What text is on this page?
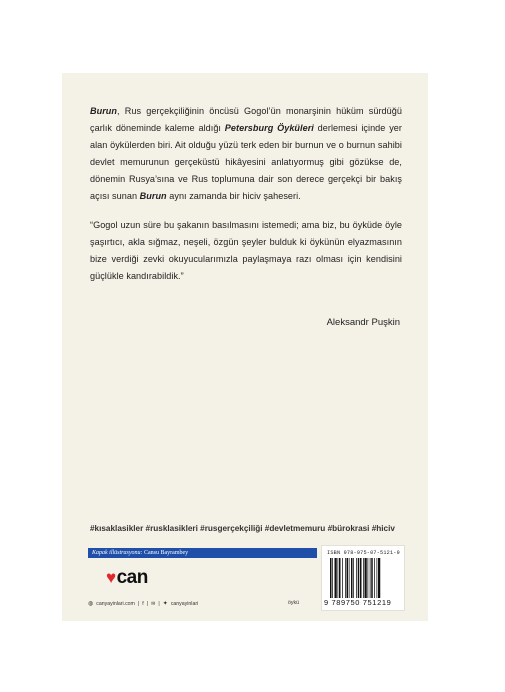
Burun, Rus gerçekçiliğinin öncüsü Gogol’ün monarşinin hüküm sürdüğü çarlık döneminde kaleme aldığı Petersburg Öyküleri derlemesi içinde yer alan öykülerden biri. Ait olduğu yüzü terk eden bir burnun ve o burnun sahibi devlet memurunun gerçeküstü hikâyesini anlatıyormuş gibi gözükse de, dönemin Rusya’sına ve Rus toplumuna dair son derece gerçekçi bir bakış açısı sunan Burun aynı zamanda bir hiciv şaheseri.

“Gogol uzun süre bu şakanın basılmasını istemedi; ama biz, bu öyküde öyle şaşırtıcı, akla sığmaz, neşeli, özgün şeyler bulduk ki öykünün elyazmasının bize verdiği zevki okuyucularımızla paylaşmaya razı olması için kendisini güçlükle kandırabildik.”

Aleksandr Puşkin
#kısaklasikler #rusklasikleri #rusgerçekçiliği #devletmemuru #bürokrasi #hiciv
Kapak illüstrasyonu: Cansu Bayrambey
♥ can
◍ canyayinlari.com | f | ✉ | ✦ canyayinlari	öykü
ISBN 978-975-07-5121-9
9 789750 751219
